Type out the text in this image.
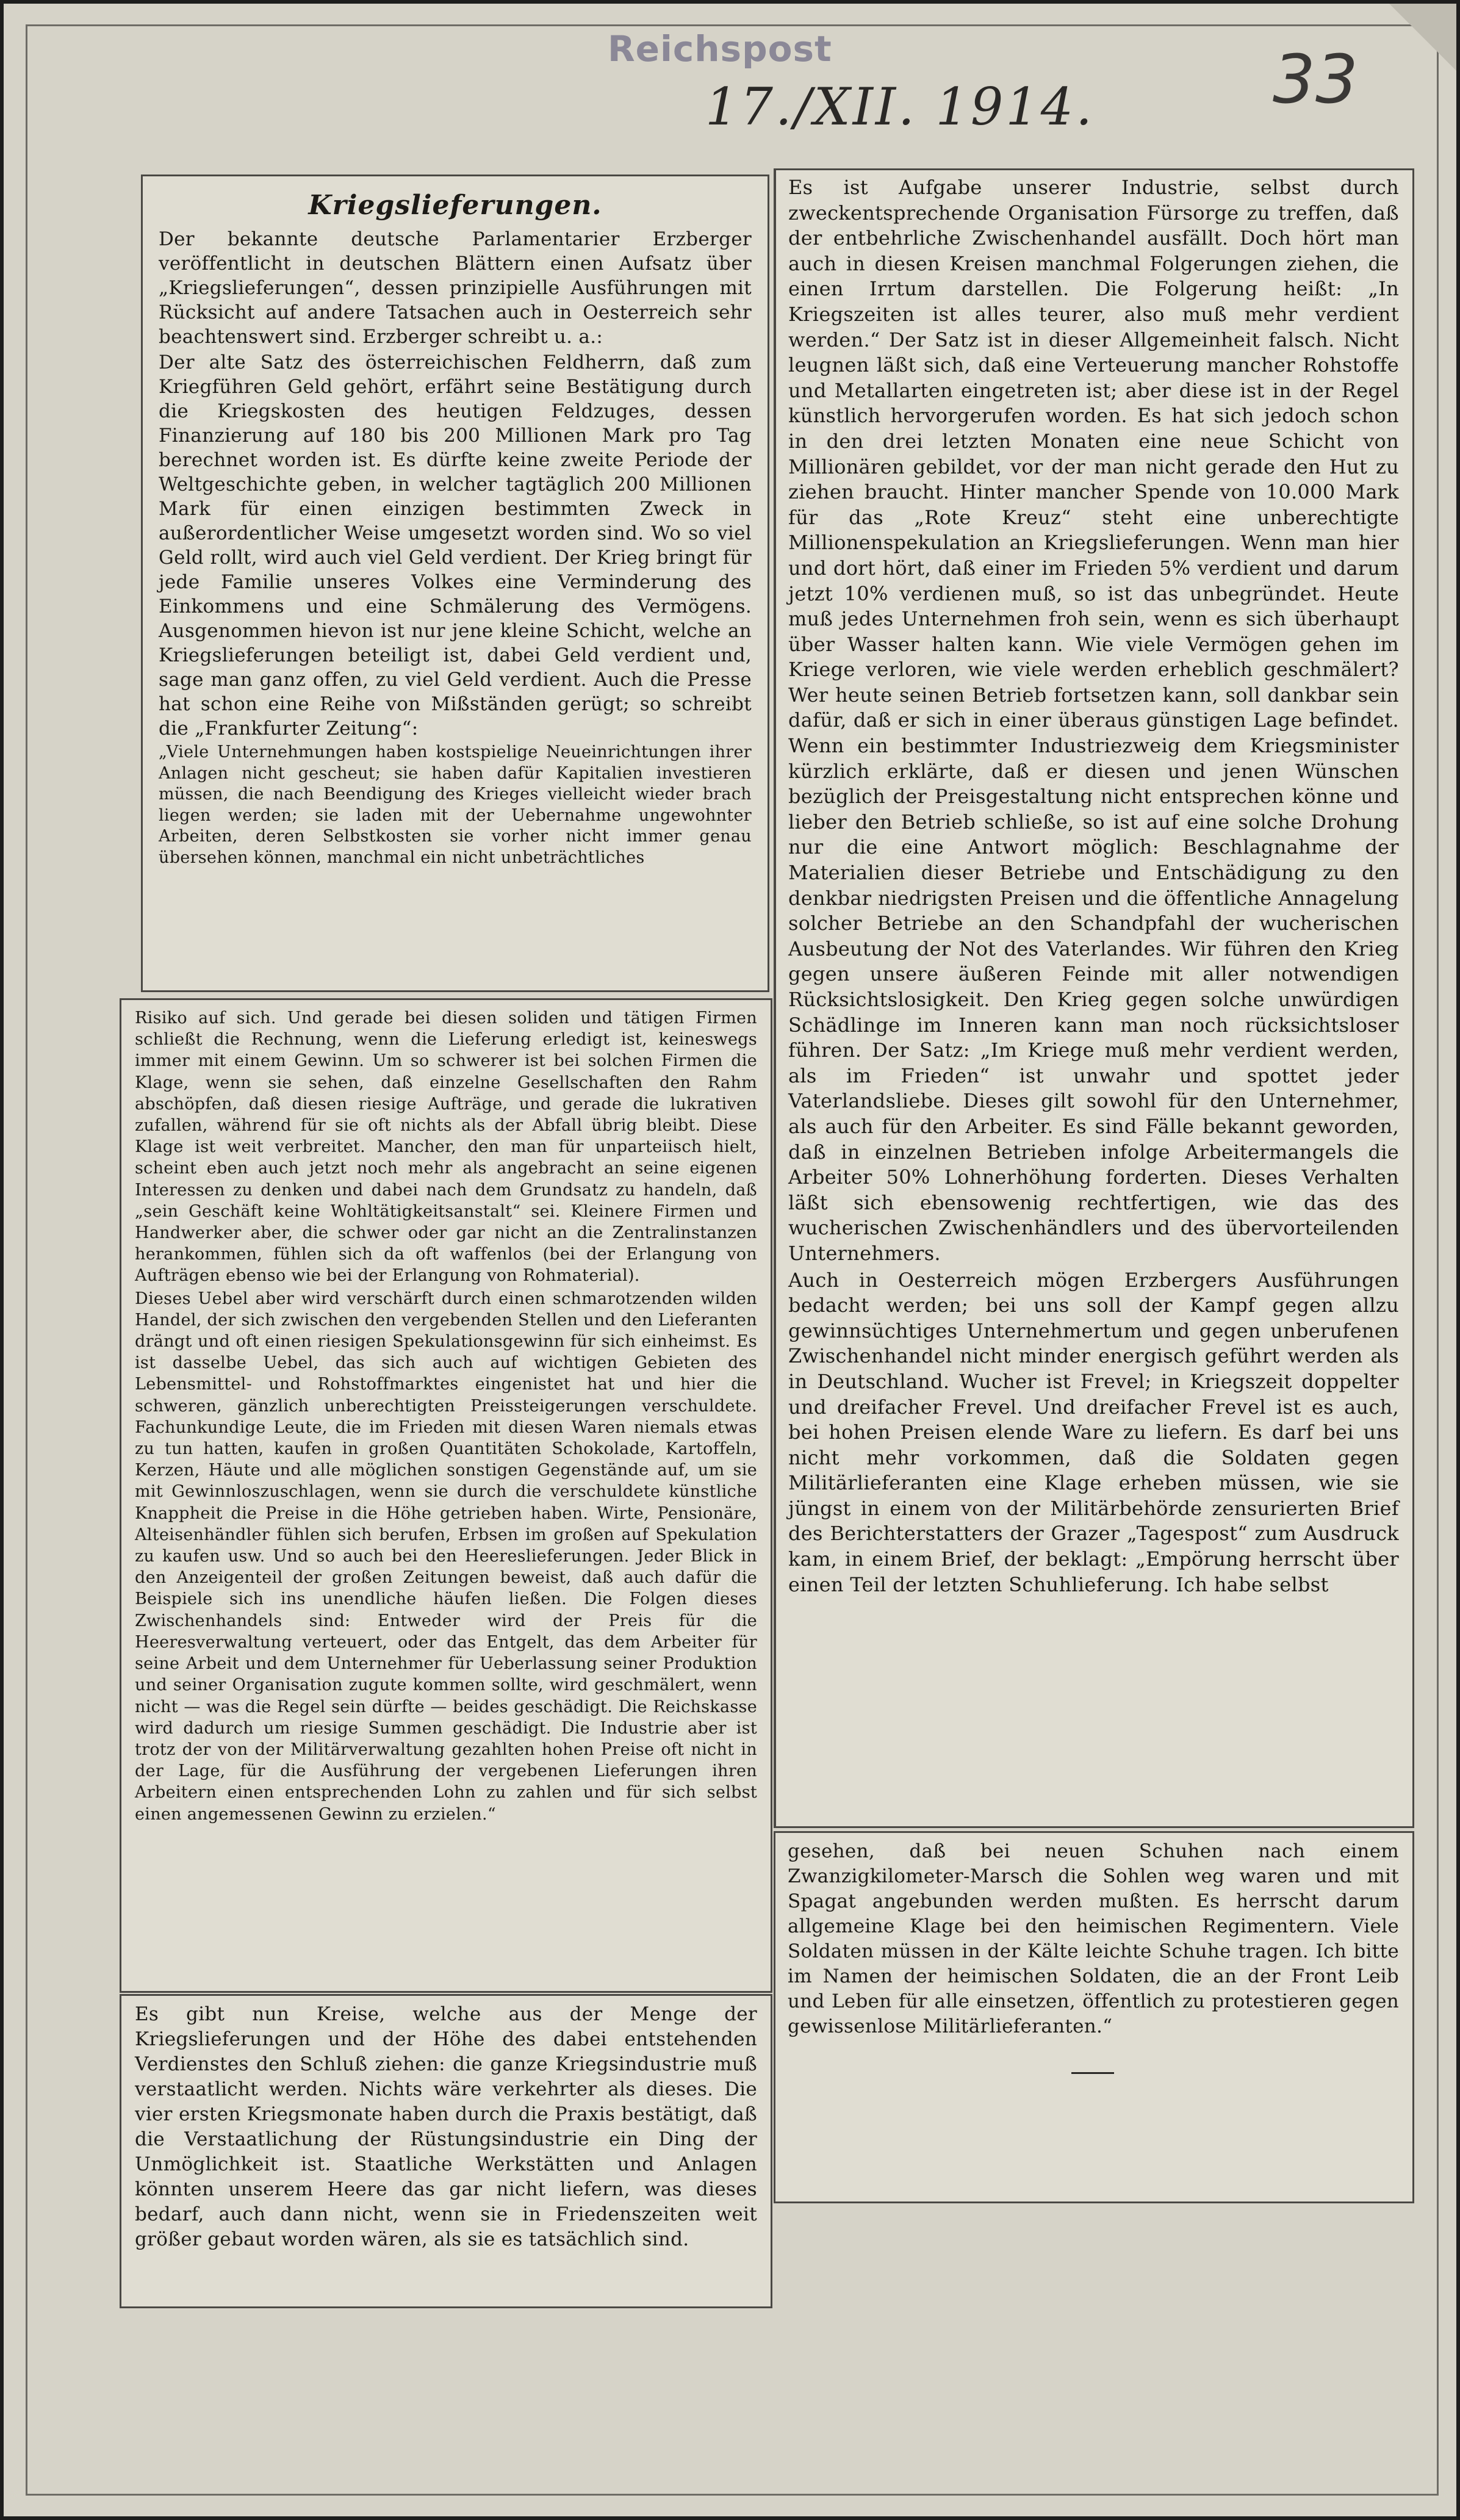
Reichspost
17./XII. 1914.	33
Kriegslieferungen.

Der bekannte deutsche Parlamentarier Erzberger veröffentlicht in deutschen Blättern einen Aufsatz über „Kriegslieferungen“, dessen prinzipielle Ausführungen mit Rücksicht auf andere Tatsachen auch in Oesterreich sehr beachtenswert sind. Erzberger schreibt u. a.:

Der alte Satz des österreichischen Feldherrn, daß zum Kriegführen Geld gehört, erfährt seine Bestätigung durch die Kriegskosten des heutigen Feldzuges, dessen Finanzierung auf 180 bis 200 Millionen Mark pro Tag berechnet worden ist. Es dürfte keine zweite Periode der Weltgeschichte geben, in welcher tagtäglich 200 Millionen Mark für einen einzigen bestimmten Zweck in außerordentlicher Weise umgesetzt worden sind. Wo so viel Geld rollt, wird auch viel Geld verdient. Der Krieg bringt für jede Familie unseres Volkes eine Verminderung des Einkommens und eine Schmälerung des Vermögens. Ausgenommen hievon ist nur jene kleine Schicht, welche an Kriegslieferungen beteiligt ist, dabei Geld verdient und, sage man ganz offen, zu viel Geld verdient. Auch die Presse hat schon eine Reihe von Mißständen gerügt; so schreibt die „Frankfurter Zeitung“:

„Viele Unternehmungen haben kostspielige Neueinrichtungen ihrer Anlagen nicht gescheut; sie haben dafür Kapitalien investieren müssen, die nach Beendigung des Krieges vielleicht wieder brach liegen werden; sie laden mit der Uebernahme ungewohnter Arbeiten, deren Selbstkosten sie vorher nicht immer genau übersehen können, manchmal ein nicht unbeträchtliches

Risiko auf sich. Und gerade bei diesen soliden und tätigen Firmen schließt die Rechnung, wenn die Lieferung erledigt ist, keineswegs immer mit einem Gewinn. Um so schwerer ist bei solchen Firmen die Klage, wenn sie sehen, daß einzelne Gesellschaften den Rahm abschöpfen, daß diesen riesige Aufträge, und gerade die lukrativen zufallen, während für sie oft nichts als der Abfall übrig bleibt. Diese Klage ist weit verbreitet. Mancher, den man für unparteiisch hielt, scheint eben auch jetzt noch mehr als angebracht an seine eigenen Interessen zu denken und dabei nach dem Grundsatz zu handeln, daß „sein Geschäft keine Wohltätigkeitsanstalt“ sei. Kleinere Firmen und Handwerker aber, die schwer oder gar nicht an die Zentralinstanzen herankommen, fühlen sich da oft waffenlos (bei der Erlangung von Aufträgen ebenso wie bei der Erlangung von Rohmaterial).

Dieses Uebel aber wird verschärft durch einen schmarotzenden wilden Handel, der sich zwischen den vergebenden Stellen und den Lieferanten drängt und oft einen riesigen Spekulationsgewinn für sich einheimst. Es ist dasselbe Uebel, das sich auch auf wichtigen Gebieten des Lebensmittel- und Rohstoffmarktes eingenistet hat und hier die schweren, gänzlich unberechtigten Preissteigerungen verschuldete. Fachunkundige Leute, die im Frieden mit diesen Waren niemals etwas zu tun hatten, kaufen in großen Quantitäten Schokolade, Kartoffeln, Kerzen, Häute und alle möglichen sonstigen Gegenstände auf, um sie mit Gewinnloszuschlagen, wenn sie durch die verschuldete künstliche Knappheit die Preise in die Höhe getrieben haben. Wirte, Pensionäre, Alteisenhändler fühlen sich berufen, Erbsen im großen auf Spekulation zu kaufen usw. Und so auch bei den Heereslieferungen. Jeder Blick in den Anzeigenteil der großen Zeitungen beweist, daß auch dafür die Beispiele sich ins unendliche häufen ließen. Die Folgen dieses Zwischenhandels sind: Entweder wird der Preis für die Heeresverwaltung verteuert, oder das Entgelt, das dem Arbeiter für seine Arbeit und dem Unternehmer für Ueberlassung seiner Produktion und seiner Organisation zugute kommen sollte, wird geschmälert, wenn nicht — was die Regel sein dürfte — beides geschädigt. Die Reichskasse wird dadurch um riesige Summen geschädigt. Die Industrie aber ist trotz der von der Militärverwaltung gezahlten hohen Preise oft nicht in der Lage, für die Ausführung der vergebenen Lieferungen ihren Arbeitern einen entsprechenden Lohn zu zahlen und für sich selbst einen angemessenen Gewinn zu erzielen.“

Es gibt nun Kreise, welche aus der Menge der Kriegslieferungen und der Höhe des dabei entstehenden Verdienstes den Schluß ziehen: die ganze Kriegsindustrie muß verstaatlicht werden. Nichts wäre verkehrter als dieses. Die vier ersten Kriegsmonate haben durch die Praxis bestätigt, daß die Verstaatlichung der Rüstungsindustrie ein Ding der Unmöglichkeit ist. Staatliche Werkstätten und Anlagen könnten unserem Heere das gar nicht liefern, was dieses bedarf, auch dann nicht, wenn sie in Friedenszeiten weit größer gebaut worden wären, als sie es tatsächlich sind.

Es ist Aufgabe unserer Industrie, selbst durch zweckentsprechende Organisation Fürsorge zu treffen, daß der entbehrliche Zwischenhandel ausfällt. Doch hört man auch in diesen Kreisen manchmal Folgerungen ziehen, die einen Irrtum darstellen. Die Folgerung heißt: „In Kriegszeiten ist alles teurer, also muß mehr verdient werden.“ Der Satz ist in dieser Allgemeinheit falsch. Nicht leugnen läßt sich, daß eine Verteuerung mancher Rohstoffe und Metallarten eingetreten ist; aber diese ist in der Regel künstlich hervorgerufen worden. Es hat sich jedoch schon in den drei letzten Monaten eine neue Schicht von Millionären gebildet, vor der man nicht gerade den Hut zu ziehen braucht. Hinter mancher Spende von 10.000 Mark für das „Rote Kreuz“ steht eine unberechtigte Millionenspekulation an Kriegslieferungen. Wenn man hier und dort hört, daß einer im Frieden 5% verdient und darum jetzt 10% verdienen muß, so ist das unbegründet. Heute muß jedes Unternehmen froh sein, wenn es sich überhaupt über Wasser halten kann. Wie viele Vermögen gehen im Kriege verloren, wie viele werden erheblich geschmälert? Wer heute seinen Betrieb fortsetzen kann, soll dankbar sein dafür, daß er sich in einer überaus günstigen Lage befindet. Wenn ein bestimmter Industriezweig dem Kriegsminister kürzlich erklärte, daß er diesen und jenen Wünschen bezüglich der Preisgestaltung nicht entsprechen könne und lieber den Betrieb schließe, so ist auf eine solche Drohung nur die eine Antwort möglich: Beschlagnahme der Materialien dieser Betriebe und Entschädigung zu den denkbar niedrigsten Preisen und die öffentliche Annagelung solcher Betriebe an den Schandpfahl der wucherischen Ausbeutung der Not des Vaterlandes. Wir führen den Krieg gegen unsere äußeren Feinde mit aller notwendigen Rücksichtslosigkeit. Den Krieg gegen solche unwürdigen Schädlinge im Inneren kann man noch rücksichtsloser führen. Der Satz: „Im Kriege muß mehr verdient werden, als im Frieden“ ist unwahr und spottet jeder Vaterlandsliebe. Dieses gilt sowohl für den Unternehmer, als auch für den Arbeiter. Es sind Fälle bekannt geworden, daß in einzelnen Betrieben infolge Arbeitermangels die Arbeiter 50% Lohnerhöhung forderten. Dieses Verhalten läßt sich ebensowenig rechtfertigen, wie das des wucherischen Zwischenhändlers und des übervorteilenden Unternehmers.

Auch in Oesterreich mögen Erzbergers Ausführungen bedacht werden; bei uns soll der Kampf gegen allzu gewinnsüchtiges Unternehmertum und gegen unberufenen Zwischenhandel nicht minder energisch geführt werden als in Deutschland. Wucher ist Frevel; in Kriegszeit doppelter und dreifacher Frevel. Und dreifacher Frevel ist es auch, bei hohen Preisen elende Ware zu liefern. Es darf bei uns nicht mehr vorkommen, daß die Soldaten gegen Militärlieferanten eine Klage erheben müssen, wie sie jüngst in einem von der Militärbehörde zensurierten Brief des Berichterstatters der Grazer „Tagespost“ zum Ausdruck kam, in einem Brief, der beklagt: „Empörung herrscht über einen Teil der letzten Schuhlieferung. Ich habe selbst

gesehen, daß bei neuen Schuhen nach einem Zwanzigkilometer-Marsch die Sohlen weg waren und mit Spagat angebunden werden mußten. Es herrscht darum allgemeine Klage bei den heimischen Regimentern. Viele Soldaten müssen in der Kälte leichte Schuhe tragen. Ich bitte im Namen der heimischen Soldaten, die an der Front Leib und Leben für alle einsetzen, öffentlich zu protestieren gegen gewissenlose Militärlieferanten.“
